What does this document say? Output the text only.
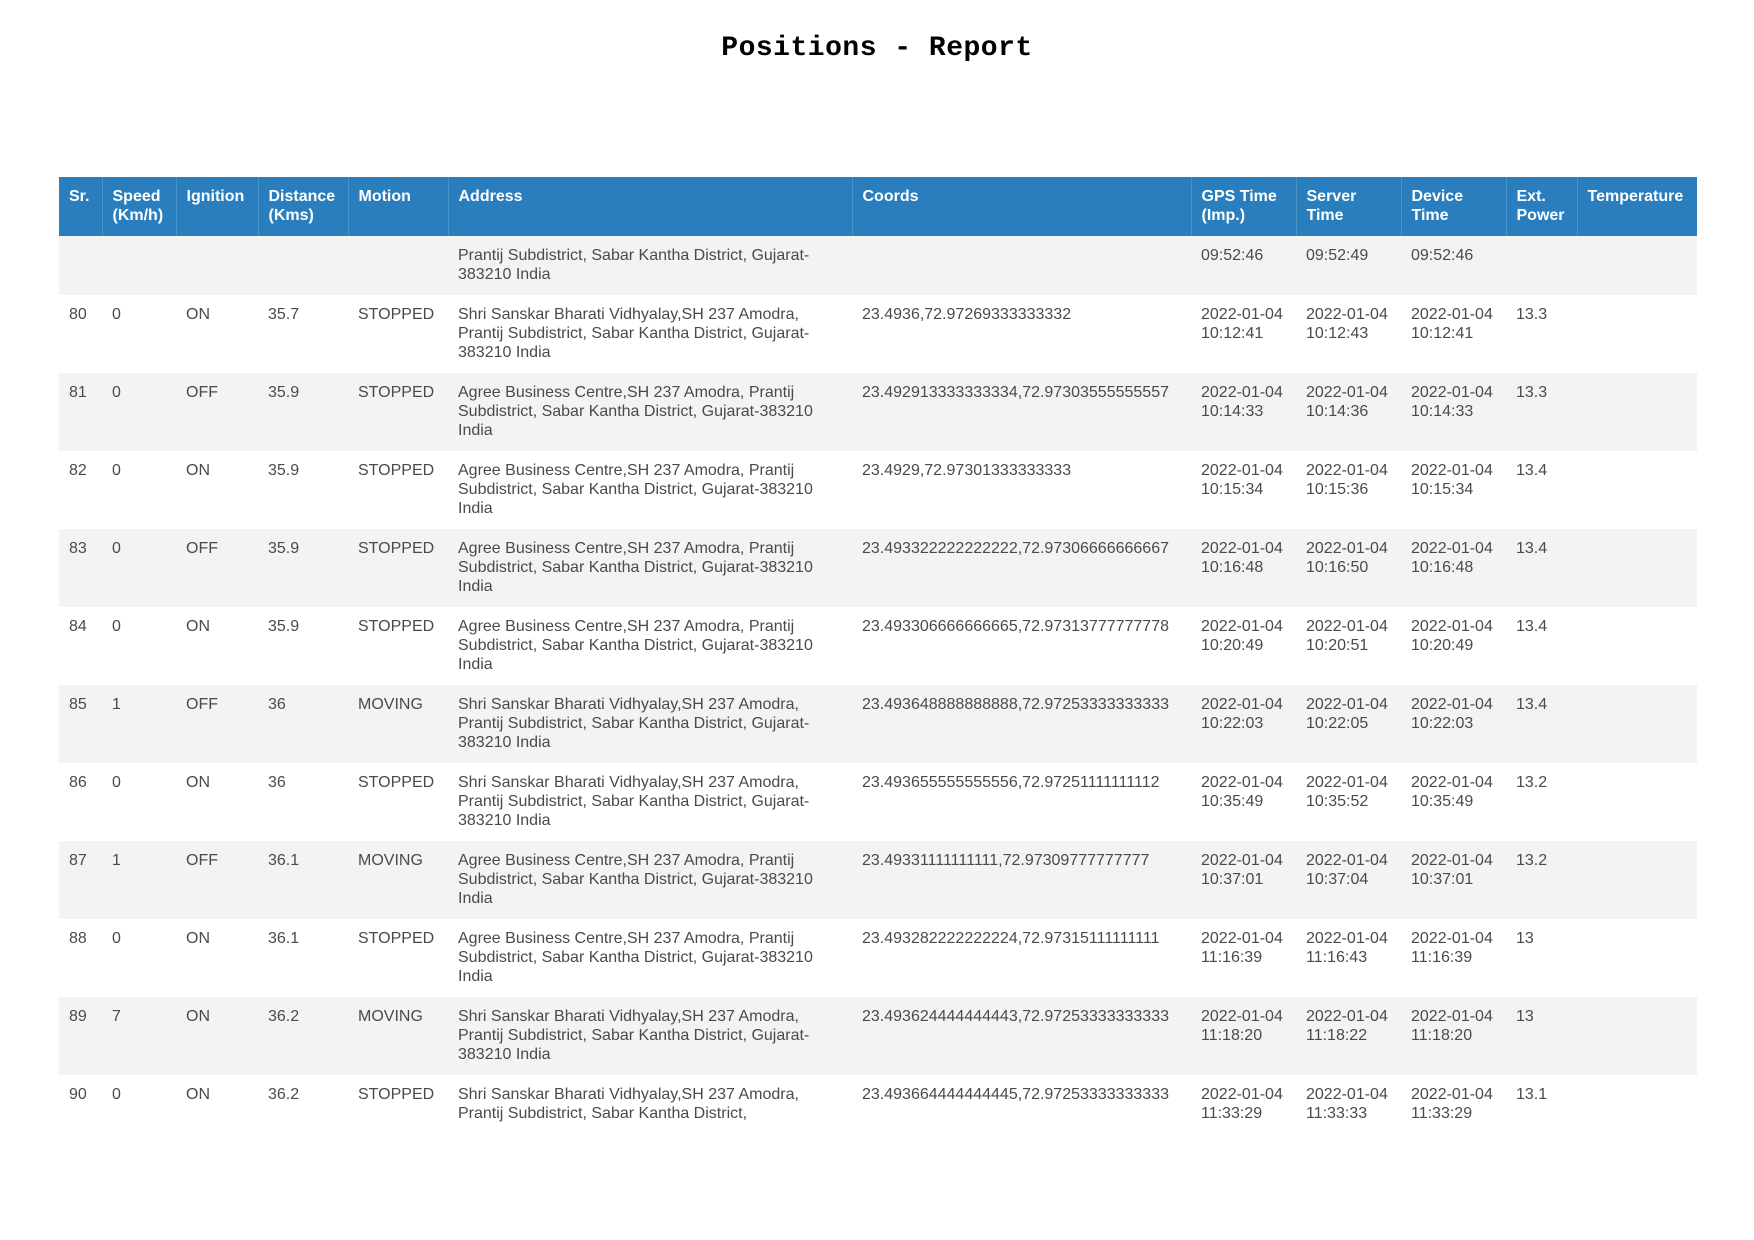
Positions - Report
Sr.	Speed (Km/h)	Ignition	Distance (Kms)	Motion	Address	Coords	GPS Time (Imp.)	Server Time	Device Time	Ext. Power	Temperature
					Prantij Subdistrict, Sabar Kantha District, Gujarat-383210 India		09:52:46	09:52:49	09:52:46		
80	0	ON	35.7	STOPPED	Shri Sanskar Bharati Vidhyalay,SH 237 Amodra, Prantij Subdistrict, Sabar Kantha District, Gujarat-383210 India	23.4936,72.97269333333332	2022-01-04 10:12:41	2022-01-04 10:12:43	2022-01-04 10:12:41	13.3	
81	0	OFF	35.9	STOPPED	Agree Business Centre,SH 237 Amodra, Prantij Subdistrict, Sabar Kantha District, Gujarat-383210 India	23.492913333333334,72.97303555555557	2022-01-04 10:14:33	2022-01-04 10:14:36	2022-01-04 10:14:33	13.3	
82	0	ON	35.9	STOPPED	Agree Business Centre,SH 237 Amodra, Prantij Subdistrict, Sabar Kantha District, Gujarat-383210 India	23.4929,72.97301333333333	2022-01-04 10:15:34	2022-01-04 10:15:36	2022-01-04 10:15:34	13.4	
83	0	OFF	35.9	STOPPED	Agree Business Centre,SH 237 Amodra, Prantij Subdistrict, Sabar Kantha District, Gujarat-383210 India	23.493322222222222,72.97306666666667	2022-01-04 10:16:48	2022-01-04 10:16:50	2022-01-04 10:16:48	13.4	
84	0	ON	35.9	STOPPED	Agree Business Centre,SH 237 Amodra, Prantij Subdistrict, Sabar Kantha District, Gujarat-383210 India	23.493306666666665,72.97313777777778	2022-01-04 10:20:49	2022-01-04 10:20:51	2022-01-04 10:20:49	13.4	
85	1	OFF	36	MOVING	Shri Sanskar Bharati Vidhyalay,SH 237 Amodra, Prantij Subdistrict, Sabar Kantha District, Gujarat-383210 India	23.493648888888888,72.97253333333333	2022-01-04 10:22:03	2022-01-04 10:22:05	2022-01-04 10:22:03	13.4	
86	0	ON	36	STOPPED	Shri Sanskar Bharati Vidhyalay,SH 237 Amodra, Prantij Subdistrict, Sabar Kantha District, Gujarat-383210 India	23.493655555555556,72.97251111111112	2022-01-04 10:35:49	2022-01-04 10:35:52	2022-01-04 10:35:49	13.2	
87	1	OFF	36.1	MOVING	Agree Business Centre,SH 237 Amodra, Prantij Subdistrict, Sabar Kantha District, Gujarat-383210 India	23.49331111111111,72.97309777777777	2022-01-04 10:37:01	2022-01-04 10:37:04	2022-01-04 10:37:01	13.2	
88	0	ON	36.1	STOPPED	Agree Business Centre,SH 237 Amodra, Prantij Subdistrict, Sabar Kantha District, Gujarat-383210 India	23.493282222222224,72.97315111111111	2022-01-04 11:16:39	2022-01-04 11:16:43	2022-01-04 11:16:39	13	
89	7	ON	36.2	MOVING	Shri Sanskar Bharati Vidhyalay,SH 237 Amodra, Prantij Subdistrict, Sabar Kantha District, Gujarat-383210 India	23.493624444444443,72.97253333333333	2022-01-04 11:18:20	2022-01-04 11:18:22	2022-01-04 11:18:20	13	
90	0	ON	36.2	STOPPED	Shri Sanskar Bharati Vidhyalay,SH 237 Amodra, Prantij Subdistrict, Sabar Kantha District,	23.493664444444445,72.97253333333333	2022-01-04 11:33:29	2022-01-04 11:33:33	2022-01-04 11:33:29	13.1	
